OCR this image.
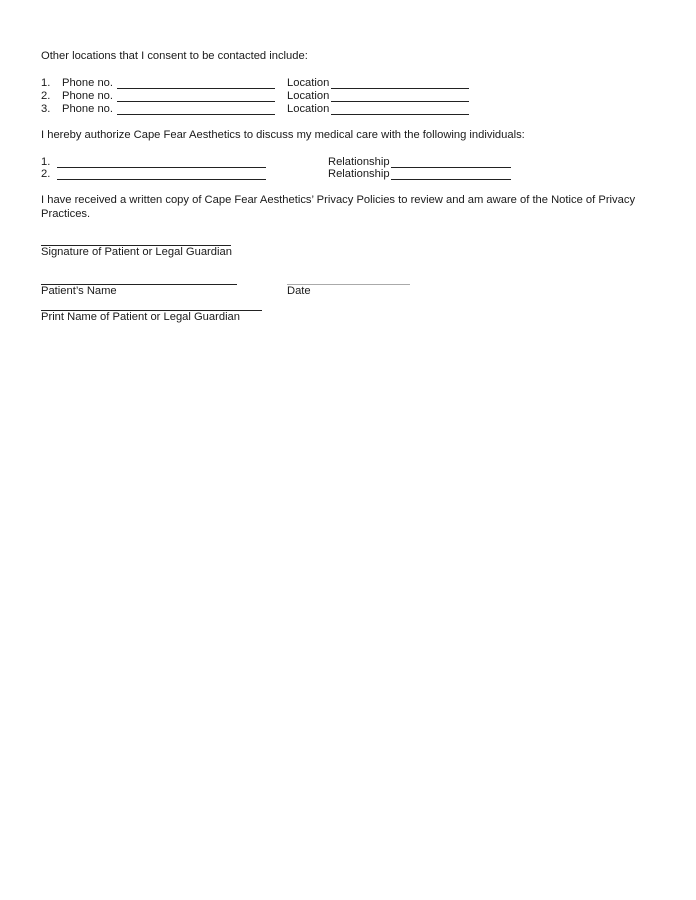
Other locations that I consent to be contacted include:
1. Phone no.	Location
2. Phone no.	Location
3. Phone no.	Location
I hereby authorize Cape Fear Aesthetics to discuss my medical care with the following individuals:
1.	Relationship
2.	Relationship
I have received a written copy of Cape Fear Aesthetics’ Privacy Policies to review and am aware of the Notice of Privacy Practices.
Signature of Patient or Legal Guardian
Patient’s Name	Date
Print Name of Patient or Legal Guardian
